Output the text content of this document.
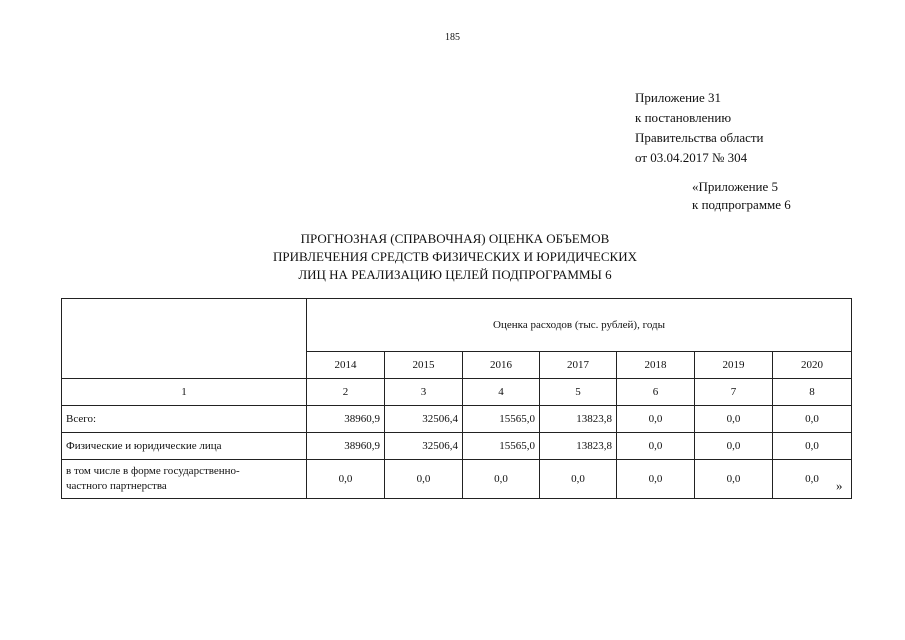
185
Приложение 31
к постановлению
Правительства области
от 03.04.2017 № 304
«Приложение 5
к подпрограмме 6
ПРОГНОЗНАЯ (СПРАВОЧНАЯ) ОЦЕНКА ОБЪЕМОВ
ПРИВЛЕЧЕНИЯ СРЕДСТВ ФИЗИЧЕСКИХ И ЮРИДИЧЕСКИХ
ЛИЦ НА РЕАЛИЗАЦИЮ ЦЕЛЕЙ ПОДПРОГРАММЫ 6
	Оценка расходов (тыс. рублей), годы						
	2014	2015	2016	2017	2018	2019	2020
1	2	3	4	5	6	7	8
Всего:	38960,9	32506,4	15565,0	13823,8	0,0	0,0	0,0
Физические и юридические лица	38960,9	32506,4	15565,0	13823,8	0,0	0,0	0,0

в том числе в форме государственно-
частного партнерства	0,0	0,0	0,0	0,0	0,0	0,0	0,0 »
